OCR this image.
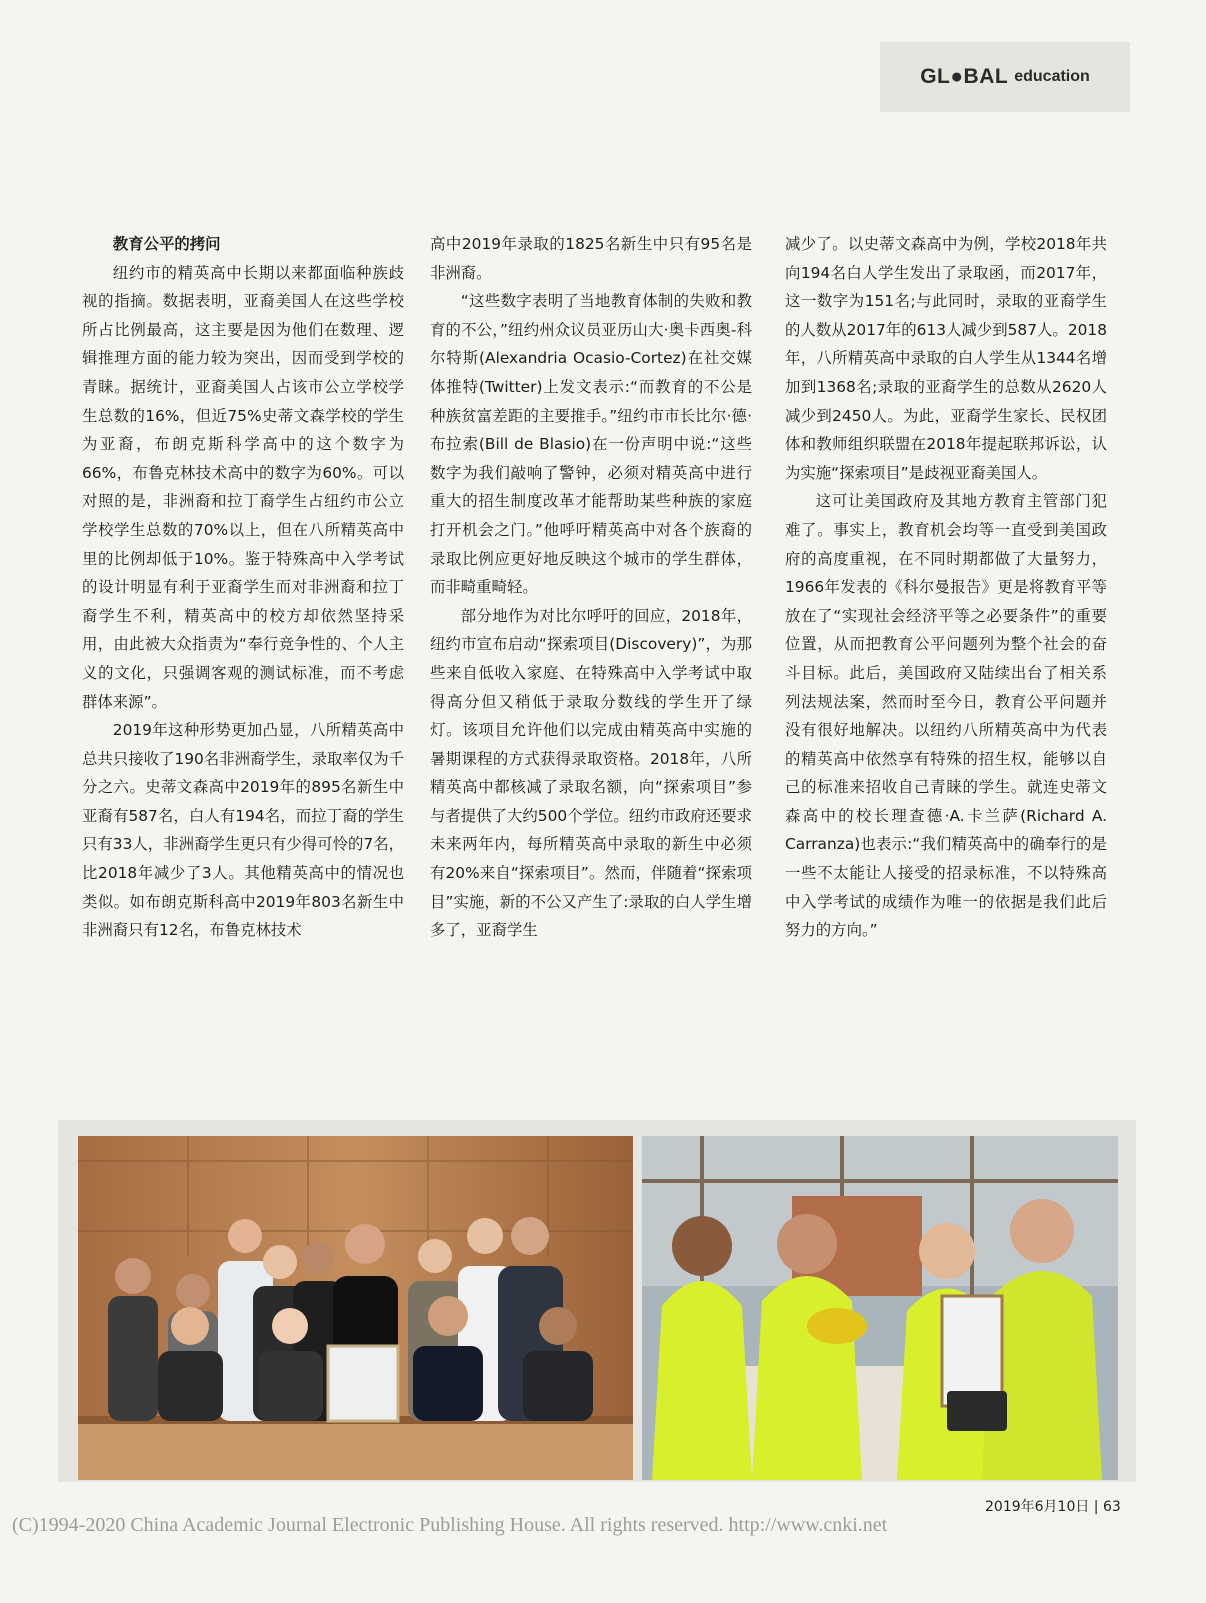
GL●BAL education
教育公平的拷问

纽约市的精英高中长期以来都面临种族歧视的指摘。数据表明，亚裔美国人在这些学校所占比例最高，这主要是因为他们在数理、逻辑推理方面的能力较为突出，因而受到学校的青睐。据统计，亚裔美国人占该市公立学校学生总数的16%，但近75%史蒂文森学校的学生为亚裔，布朗克斯科学高中的这个数字为66%，布鲁克林技术高中的数字为60%。可以对照的是，非洲裔和拉丁裔学生占纽约市公立学校学生总数的70%以上，但在八所精英高中里的比例却低于10%。鉴于特殊高中入学考试的设计明显有利于亚裔学生而对非洲裔和拉丁裔学生不利，精英高中的校方却依然坚持采用，由此被大众指责为“奉行竞争性的、个人主义的文化，只强调客观的测试标准，而不考虑群体来源”。

2019年这种形势更加凸显，八所精英高中总共只接收了190名非洲裔学生，录取率仅为千分之六。史蒂文森高中2019年的895名新生中亚裔有587名，白人有194名，而拉丁裔的学生只有33人，非洲裔学生更只有少得可怜的7名，比2018年减少了3人。其他精英高中的情况也类似。如布朗克斯科高中2019年803名新生中非洲裔只有12名，布鲁克林技术

高中2019年录取的1825名新生中只有95名是非洲裔。

“这些数字表明了当地教育体制的失败和教育的不公，”纽约州众议员亚历山大·奥卡西奥-科尔特斯(Alexandria Ocasio-Cortez)在社交媒体推特(Twitter)上发文表示:“而教育的不公是种族贫富差距的主要推手。”纽约市市长比尔·德·布拉索(Bill de Blasio)在一份声明中说:“这些数字为我们敲响了警钟，必须对精英高中进行重大的招生制度改革才能帮助某些种族的家庭打开机会之门。”他呼吁精英高中对各个族裔的录取比例应更好地反映这个城市的学生群体，而非畸重畸轻。

部分地作为对比尔呼吁的回应，2018年，纽约市宣布启动“探索项目(Discovery)”，为那些来自低收入家庭、在特殊高中入学考试中取得高分但又稍低于录取分数线的学生开了绿灯。该项目允许他们以完成由精英高中实施的暑期课程的方式获得录取资格。2018年，八所精英高中都核减了录取名额，向“探索项目”参与者提供了大约500个学位。纽约市政府还要求未来两年内，每所精英高中录取的新生中必须有20%来自“探索项目”。然而，伴随着“探索项目”实施，新的不公又产生了:录取的白人学生增多了，亚裔学生

减少了。以史蒂文森高中为例，学校2018年共向194名白人学生发出了录取函，而2017年，这一数字为151名;与此同时，录取的亚裔学生的人数从2017年的613人减少到587人。2018年，八所精英高中录取的白人学生从1344名增加到1368名;录取的亚裔学生的总数从2620人减少到2450人。为此，亚裔学生家长、民权团体和教师组织联盟在2018年提起联邦诉讼，认为实施“探索项目”是歧视亚裔美国人。

这可让美国政府及其地方教育主管部门犯难了。事实上，教育机会均等一直受到美国政府的高度重视，在不同时期都做了大量努力，1966年发表的《科尔曼报告》更是将教育平等放在了“实现社会经济平等之必要条件”的重要位置，从而把教育公平问题列为整个社会的奋斗目标。此后，美国政府又陆续出台了相关系列法规法案，然而时至今日，教育公平问题并没有很好地解决。以纽约八所精英高中为代表的精英高中依然享有特殊的招生权，能够以自己的标准来招收自己青睐的学生。就连史蒂文森高中的校长理查德·A.卡兰萨(Richard A. Carranza)也表示:“我们精英高中的确奉行的是一些不太能让人接受的招录标准，不以特殊高中入学考试的成绩作为唯一的依据是我们此后努力的方向。”

2019年6月10日 | 63
(C)1994-2020 China Academic Journal Electronic Publishing House. All rights reserved. http://www.cnki.net
